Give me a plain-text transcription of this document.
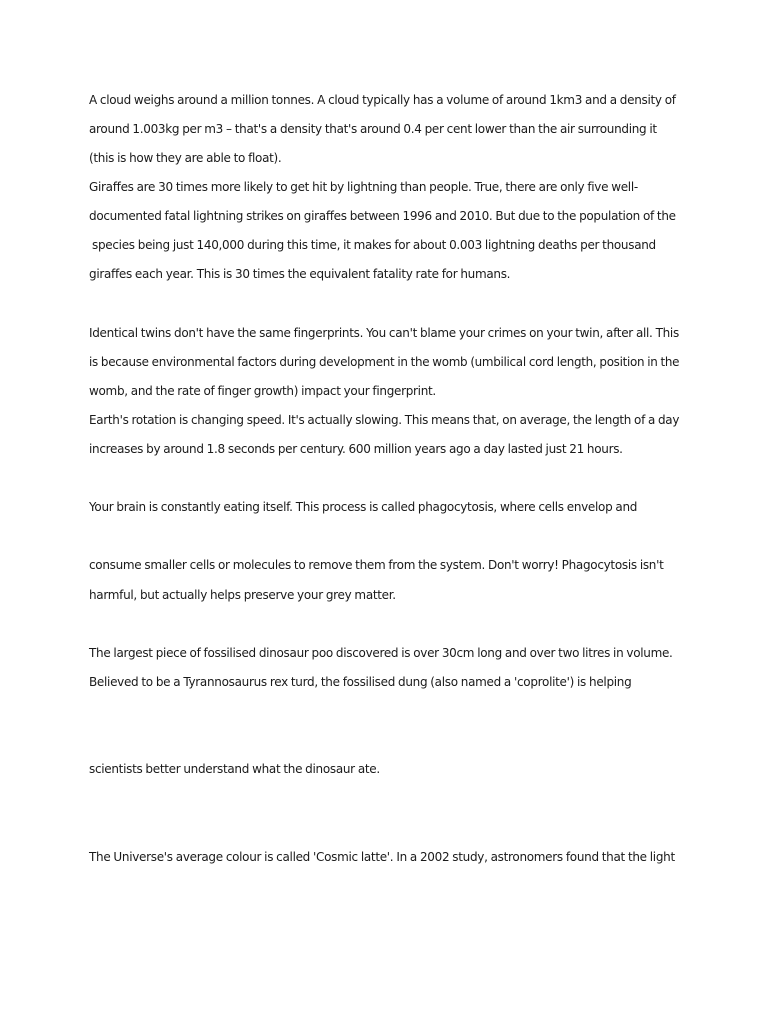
A cloud weighs around a million tonnes. A cloud typically has a volume of around 1km3 and a density of
around 1.003kg per m3 – that's a density that's around 0.4 per cent lower than the air surrounding it
(this is how they are able to float).
Giraffes are 30 times more likely to get hit by lightning than people. True, there are only five well-
documented fatal lightning strikes on giraffes between 1996 and 2010. But due to the population of the
species being just 140,000 during this time, it makes for about 0.003 lightning deaths per thousand
giraffes each year. This is 30 times the equivalent fatality rate for humans.
Identical twins don't have the same fingerprints. You can't blame your crimes on your twin, after all. This
is because environmental factors during development in the womb (umbilical cord length, position in the
womb, and the rate of finger growth) impact your fingerprint.
Earth's rotation is changing speed. It's actually slowing. This means that, on average, the length of a day
increases by around 1.8 seconds per century. 600 million years ago a day lasted just 21 hours.
Your brain is constantly eating itself. This process is called phagocytosis, where cells envelop and
consume smaller cells or molecules to remove them from the system. Don't worry! Phagocytosis isn't
harmful, but actually helps preserve your grey matter.
The largest piece of fossilised dinosaur poo discovered is over 30cm long and over two litres in volume.
Believed to be a Tyrannosaurus rex turd, the fossilised dung (also named a 'coprolite') is helping
scientists better understand what the dinosaur ate.
The Universe's average colour is called 'Cosmic latte'. In a 2002 study, astronomers found that the light
